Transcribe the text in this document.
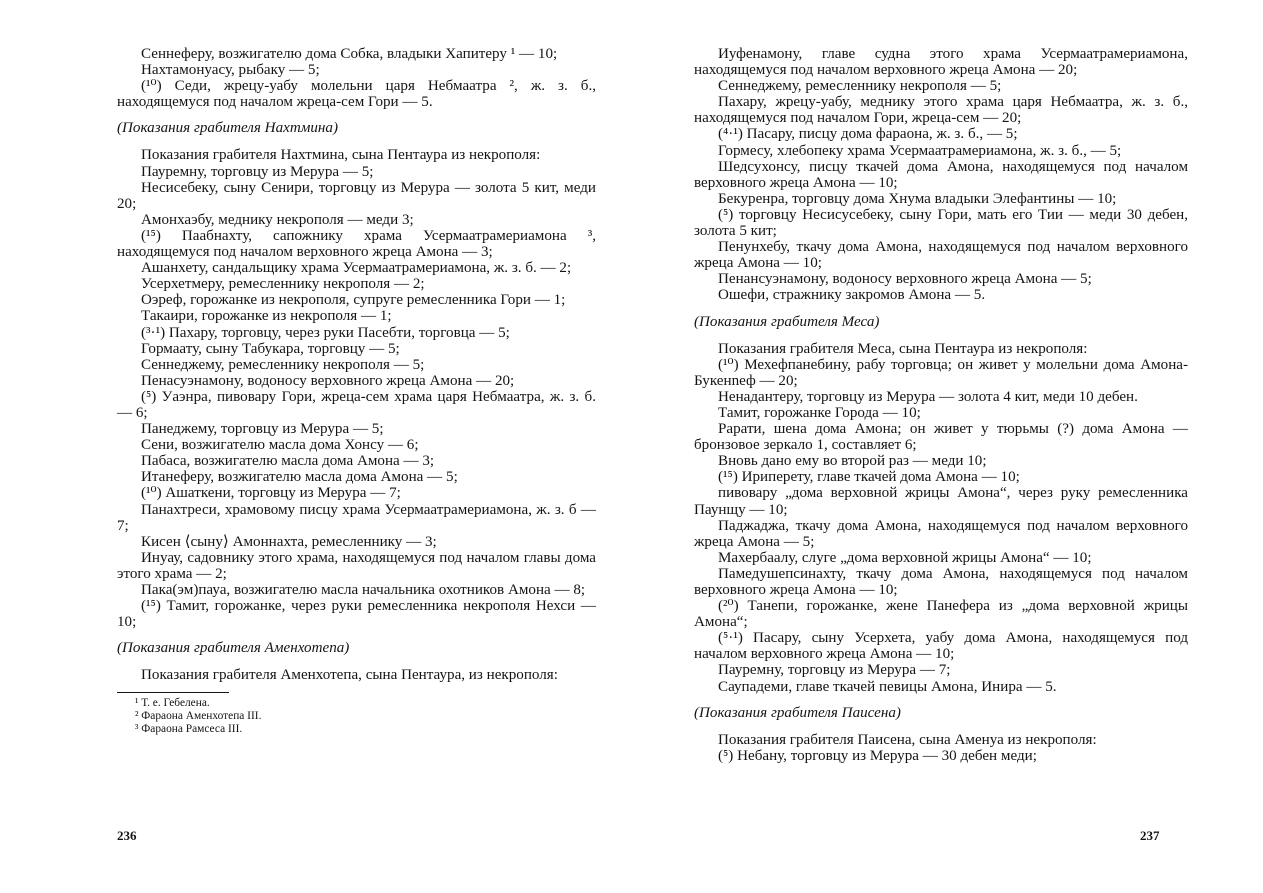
Сеннеферу, возжигателю дома Собка, владыки Хапитеру ¹ — 10;
Нахтамонуасу, рыбаку — 5;
(¹⁰) Седи, жрецу-уабу молельни царя Небмаатра ², ж. з. б., находящемуся под началом жреца-сем Гори — 5.
(Показания грабителя Нахтмина)
Показания грабителя Нахтмина, сына Пентаура из некрополя:
Пауремну, торговцу из Мерура — 5;
Несисебеку, сыну Сенири, торговцу из Мерура — золота 5 кит, меди 20;
Амонхаэбу, меднику некрополя — меди 3;
(¹⁵) Паабнахту, сапожнику храма Усермаатрамериамона ³, находящемуся под началом верховного жреца Амона — 3;
Ашанхету, сандальщику храма Усермаатрамериамона, ж. з. б. — 2;
Усерхетмеру, ремесленнику некрополя — 2;
Оэреф, горожанке из некрополя, супруге ремесленника Гори — 1;
Такаири, горожанке из некрополя — 1;
(³·¹) Пахару, торговцу, через руки Пасебти, торговца — 5;
Гормаату, сыну Табукара, торговцу — 5;
Сеннеджему, ремесленнику некрополя — 5;
Пенасуэнамону, водоносу верховного жреца Амона — 20;
(⁵) Уаэнра, пивовару Гори, жреца-сем храма царя Небмаатра, ж. з. б. — 6;
Панеджему, торговцу из Мерура — 5;
Сени, возжигателю масла дома Хонсу — 6;
Пабаса, возжигателю масла дома Амона — 3;
Итанеферу, возжигателю масла дома Амона — 5;
(¹⁰) Ашаткени, торговцу из Мерура — 7;
Панахтреси, храмовому писцу храма Усермаатрамериамона, ж. з. б — 7;
Кисен ⟨сыну⟩ Амоннахта, ремесленнику — 3;
Инуау, садовнику этого храма, находящемуся под началом главы дома этого храма — 2;
Пака(эм)пауа, возжигателю масла начальника охотников Амона — 8;
(¹⁵) Тамит, горожанке, через руки ремесленника некрополя Нехси — 10;
(Показания грабителя Аменхотепа)
Показания грабителя Аменхотепа, сына Пентаура, из некрополя:
¹ Т. е. Гебелена.
² Фараона Аменхотепа III.
³ Фараона Рамсеса III.
236
Иуфенамону, главе судна этого храма Усермаатрамериамона, находящемуся под началом верховного жреца Амона — 20;
Сеннеджему, ремесленнику некрополя — 5;
Пахару, жрецу-уабу, меднику этого храма царя Небмаатра, ж. з. б., находящемуся под началом Гори, жреца-сем — 20;
(⁴·¹) Пасару, писцу дома фараона, ж. з. б., — 5;
Гормесу, хлебопеку храма Усермаатрамериамона, ж. з. б., — 5;
Шедсухонсу, писцу ткачей дома Амона, находящемуся под началом верховного жреца Амона — 10;
Бекуренра, торговцу дома Хнума владыки Элефантины — 10;
(⁵) торговцу Несисусебеку, сыну Гори, мать его Тии — меди 30 дебен, золота 5 кит;
Пенунхебу, ткачу дома Амона, находящемуся под началом верховного жреца Амона — 10;
Пенансуэнамону, водоносу верховного жреца Амона — 5;
Ошефи, стражнику закромов Амона — 5.
(Показания грабителя Меса)
Показания грабителя Меса, сына Пентаура из некрополя:
(¹⁰) Мехефпанебину, рабу торговца; он живет у молельни дома Амона-Букенnеф — 20;
Ненадантеру, торговцу из Мерура — золота 4 кит, меди 10 дебен.
Тамит, горожанке Города — 10;
Рарати, шена дома Амона; он живет у тюрьмы (?) дома Амона — бронзовое зеркало 1, составляет 6;
Вновь дано ему во второй раз — меди 10;
(¹⁵) Ириперету, главе ткачей дома Амона — 10;
пивовару „дома верховной жрицы Амона“, через руку ремесленника Паунщу — 10;
Паджаджа, ткачу дома Амона, находящемуся под началом верховного жреца Амона — 5;
Махербаалу, слуге „дома верховной жрицы Амона“ — 10;
Памедушепсинахту, ткачу дома Амона, находящемуся под началом верховного жреца Амона — 10;
(²⁰) Танепи, горожанке, жене Панефера из „дома верховной жрицы Амона“;
(⁵·¹) Пасару, сыну Усерхета, уабу дома Амона, находящемуся под началом верховного жреца Амона — 10;
Пауремну, торговцу из Мерура — 7;
Саупадеми, главе ткачей певицы Амона, Инира — 5.
(Показания грабителя Паисена)
Показания грабителя Паисена, сына Аменуа из некрополя:
(⁵) Небану, торговцу из Мерура — 30 дебен меди;
237
